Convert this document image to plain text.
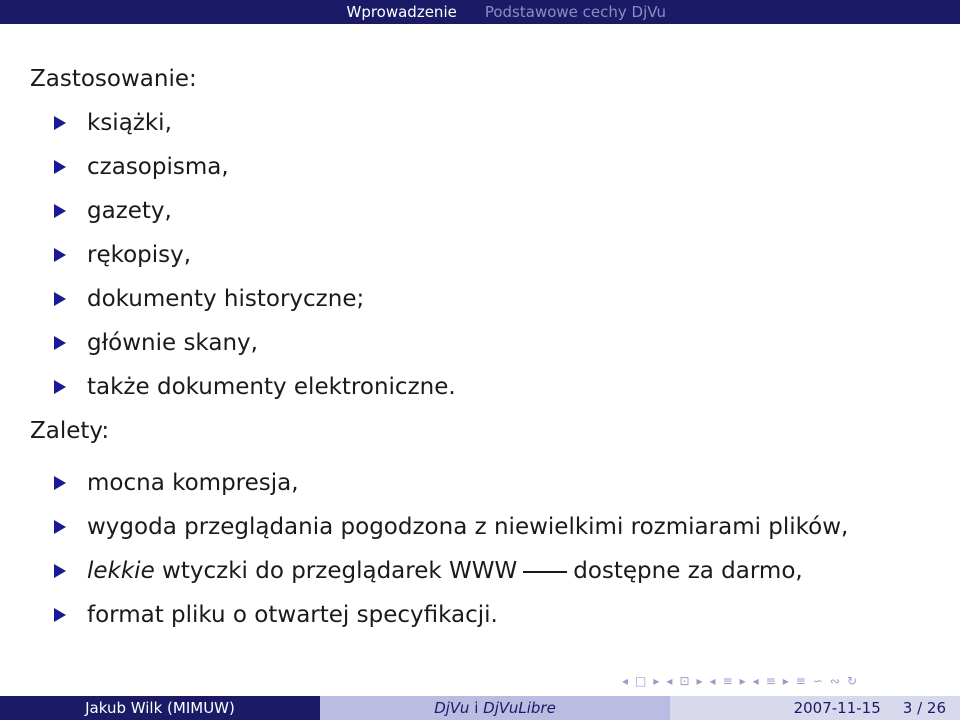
Wprowadzenie	Podstawowe cechy DjVu

Zastosowanie:

książki,
czasopisma,
gazety,
rękopisy,
dokumenty historyczne;
głównie skany,
także dokumenty elektroniczne.

Zalety:

mocna kompresja,
wygoda przeglądania pogodzona z niewielkimi rozmiarami plików,
lekkie wtyczki do przeglądarek WWW dostępne za darmo,
format pliku o otwartej specyfikacji.
◂ □ ▸ ◂ ⊡ ▸ ◂ ≡ ▸ ◂ ≡ ▸ ≡ ∽ ∾ ↻
Jakub Wilk (MIMUW)	DjVu i DjVuLibre	2007-11-15 3 / 26
